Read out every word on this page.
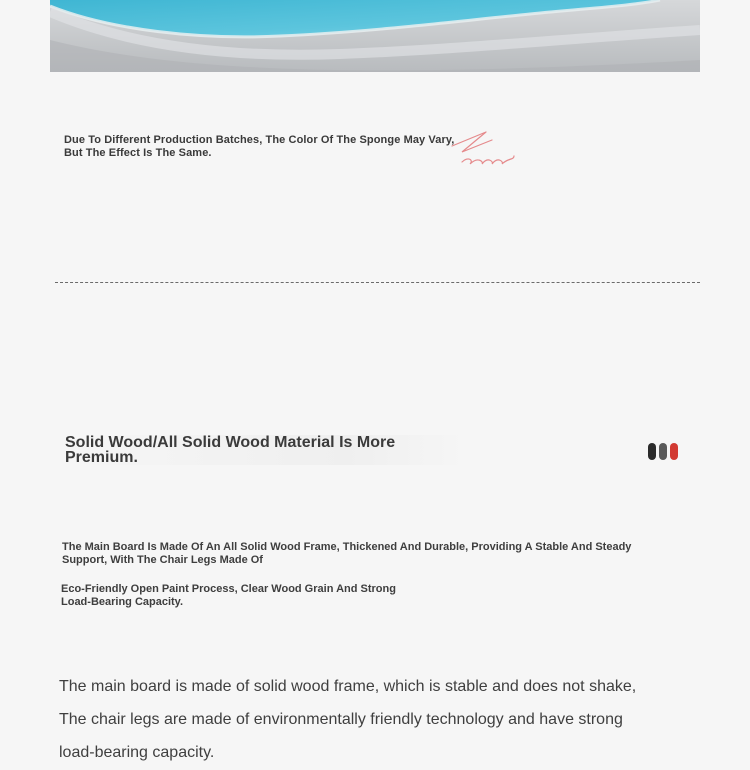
Due To Different Production Batches, The Color Of The Sponge May Vary,
But The Effect Is The Same.
Solid Wood/All Solid Wood Material Is More
Premium.
The Main Board Is Made Of An All Solid Wood Frame, Thickened And Durable, Providing A Stable And Steady
Support, With The Chair Legs Made Of
Eco-Friendly Open Paint Process, Clear Wood Grain And Strong
Load-Bearing Capacity.
The main board is made of solid wood frame, which is stable and does not shake,
The chair legs are made of environmentally friendly technology and have strong
load-bearing capacity.
